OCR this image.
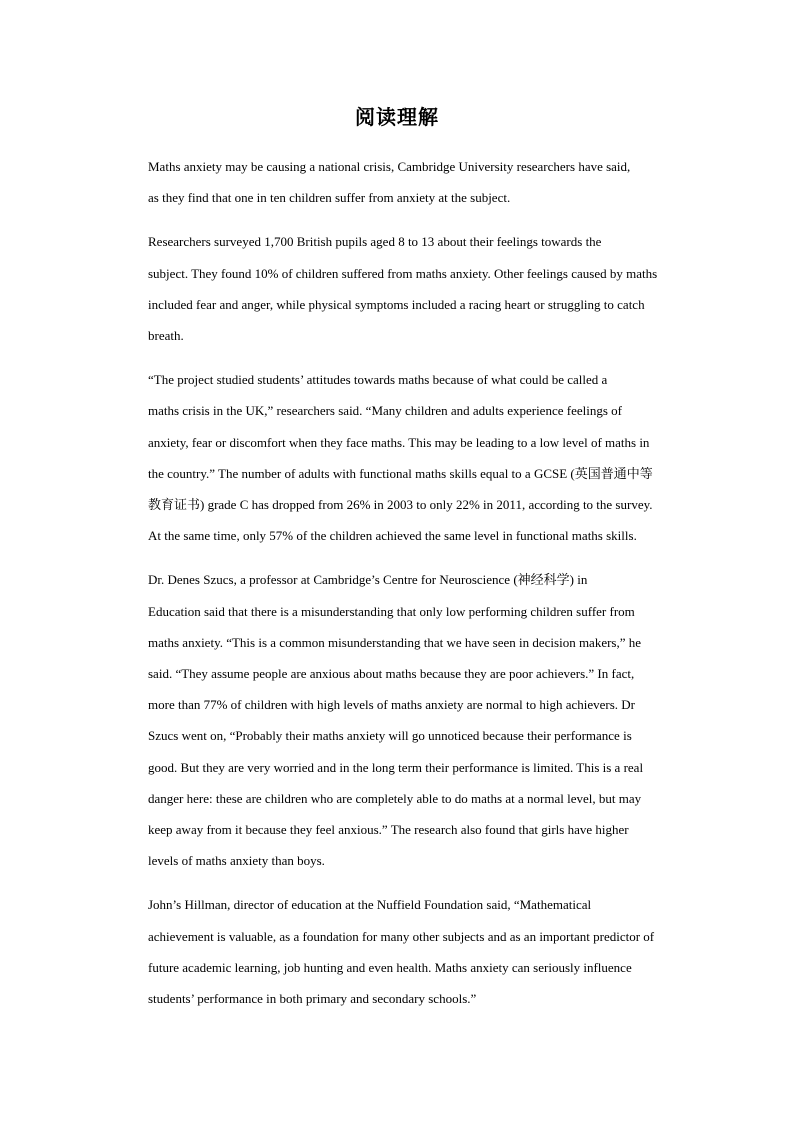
阅读理解

Maths anxiety may be causing a national crisis, Cambridge University researchers have said,
as they find that one in ten children suffer from anxiety at the subject.

Researchers surveyed 1,700 British pupils aged 8 to 13 about their feelings towards the
subject. They found 10% of children suffered from maths anxiety. Other feelings caused by maths
included fear and anger, while physical symptoms included a racing heart or struggling to catch
breath.

“The project studied students’ attitudes towards maths because of what could be called a
maths crisis in the UK,” researchers said. “Many children and adults experience feelings of
anxiety, fear or discomfort when they face maths. This may be leading to a low level of maths in
the country.” The number of adults with functional maths skills equal to a GCSE (英国普通中等
教育证书) grade C has dropped from 26% in 2003 to only 22% in 2011, according to the survey.
At the same time, only 57% of the children achieved the same level in functional maths skills.

Dr. Denes Szucs, a professor at Cambridge’s Centre for Neuroscience (神经科学) in
Education said that there is a misunderstanding that only low performing children suffer from
maths anxiety. “This is a common misunderstanding that we have seen in decision makers,” he
said. “They assume people are anxious about maths because they are poor achievers.” In fact,
more than 77% of children with high levels of maths anxiety are normal to high achievers. Dr
Szucs went on, “Probably their maths anxiety will go unnoticed because their performance is
good. But they are very worried and in the long term their performance is limited. This is a real
danger here: these are children who are completely able to do maths at a normal level, but may
keep away from it because they feel anxious.” The research also found that girls have higher
levels of maths anxiety than boys.

John’s Hillman, director of education at the Nuffield Foundation said, “Mathematical
achievement is valuable, as a foundation for many other subjects and as an important predictor of
future academic learning, job hunting and even health. Maths anxiety can seriously influence
students’ performance in both primary and secondary schools.”
